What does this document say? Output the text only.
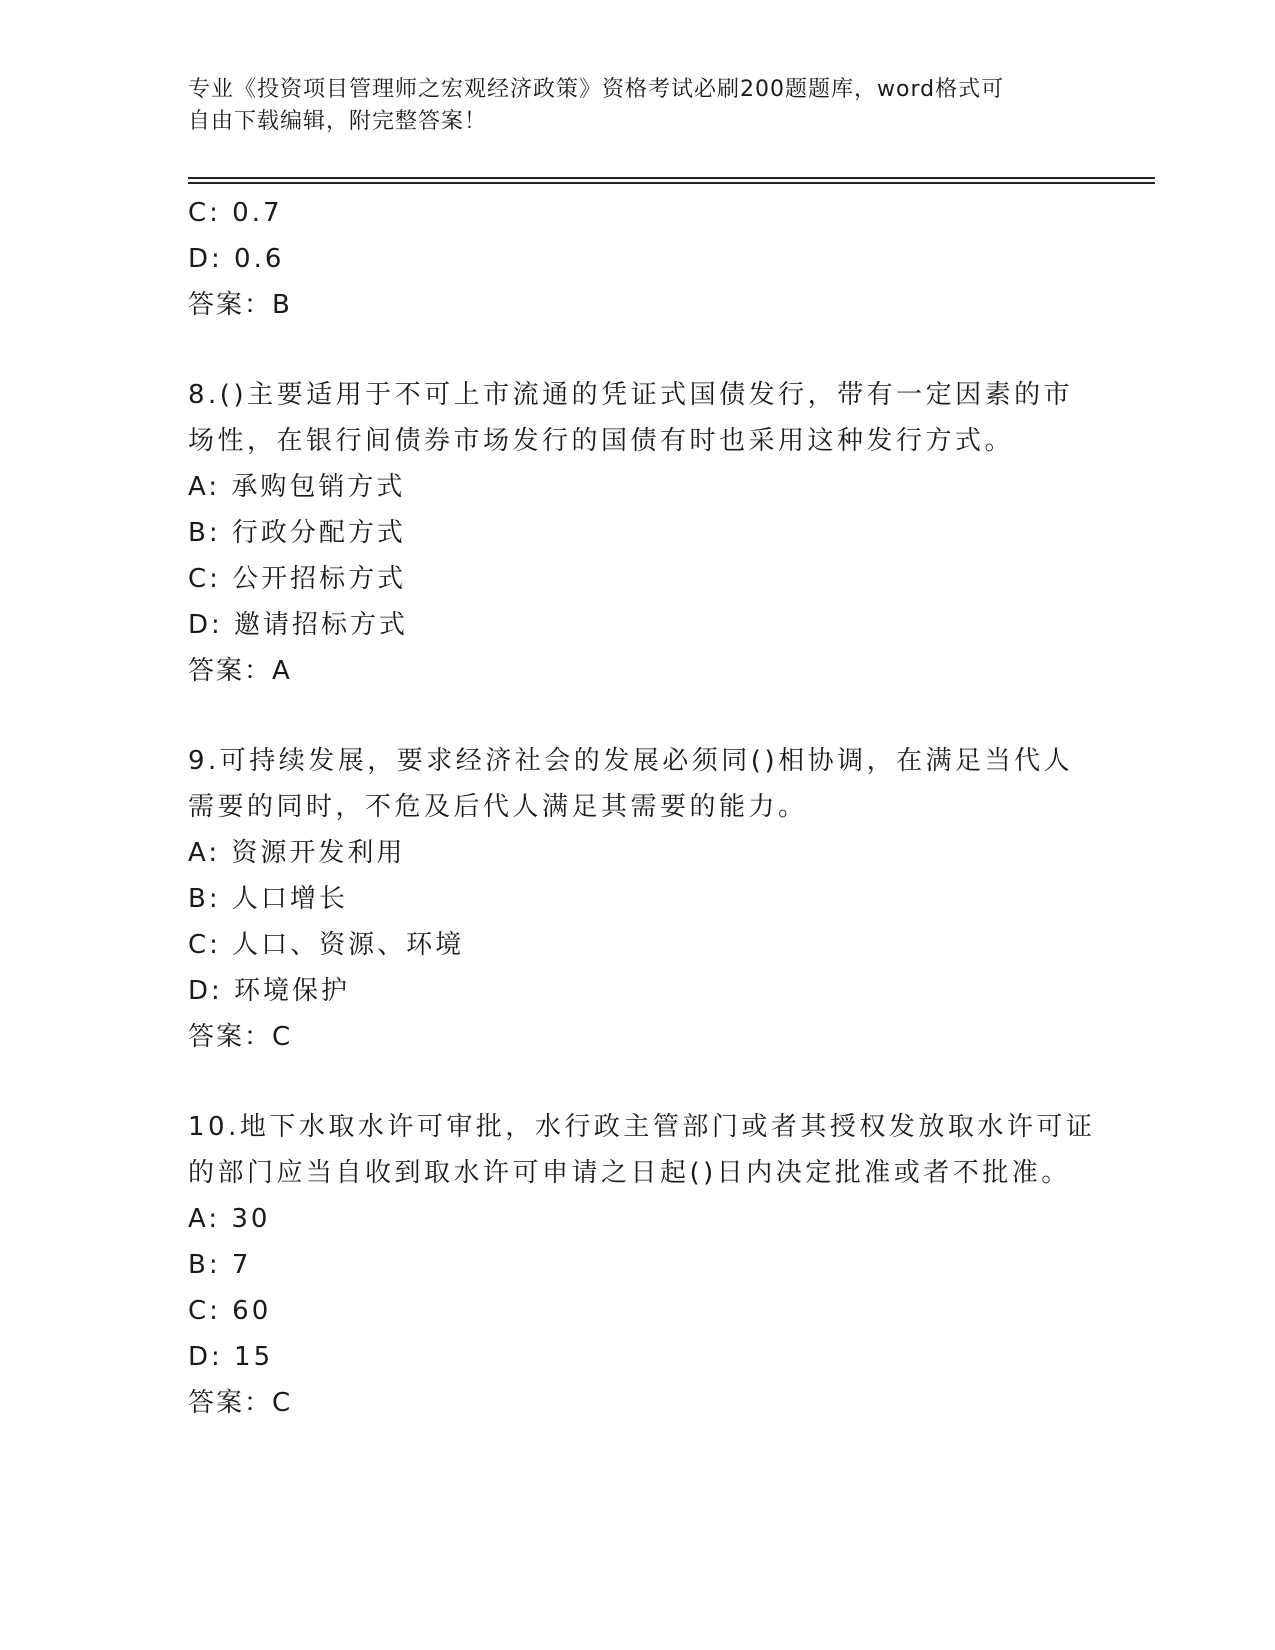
专业《投资项目管理师之宏观经济政策》资格考试必刷200题题库，word格式可
自由下载编辑，附完整答案！
C: 0.7
D: 0.6
答案：B
8.()主要适用于不可上市流通的凭证式国债发行，带有一定因素的市
场性，在银行间债券市场发行的国债有时也采用这种发行方式。
A: 承购包销方式
B: 行政分配方式
C: 公开招标方式
D: 邀请招标方式
答案：A
9.可持续发展，要求经济社会的发展必须同()相协调，在满足当代人
需要的同时，不危及后代人满足其需要的能力。
A: 资源开发利用
B: 人口增长
C: 人口、资源、环境
D: 环境保护
答案：C
10.地下水取水许可审批，水行政主管部门或者其授权发放取水许可证
的部门应当自收到取水许可申请之日起()日内决定批准或者不批准。
A: 30
B: 7
C: 60
D: 15
答案：C
